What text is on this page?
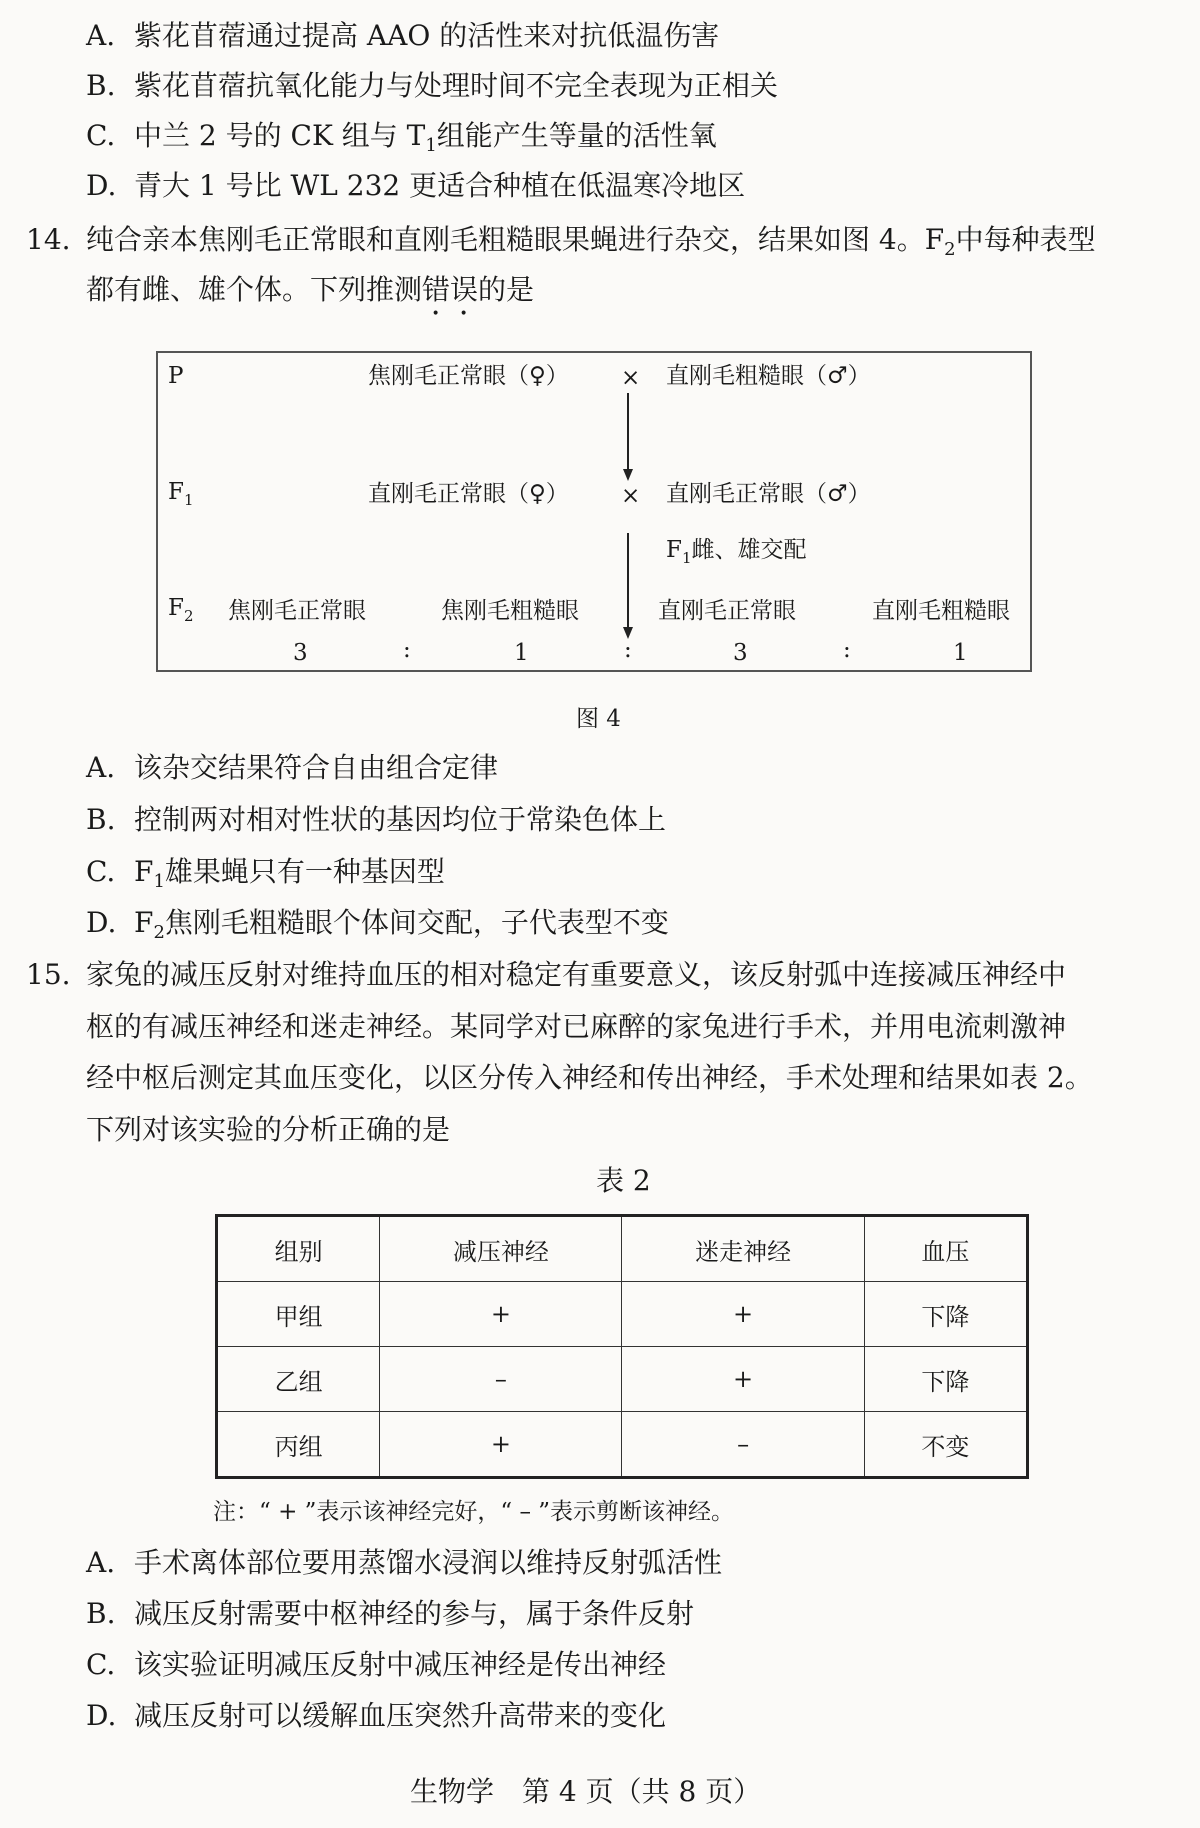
A. 紫花苜蓿通过提高 AAO 的活性来对抗低温伤害
B. 紫花苜蓿抗氧化能力与处理时间不完全表现为正相关
C. 中兰 2 号的 CK 组与 $T_1$组能产生等量的活性氧
D. 青大 1 号比 WL 232 更适合种植在低温寒冷地区
14. 纯合亲本焦刚毛正常眼和直刚毛粗糙眼果蝇进行杂交，结果如图 4。$F_2$中每种表型
都有雌、雄个体。下列推测错误的是
P	焦刚毛正常眼（♀） × 直刚毛粗糙眼（♂）
$F_1$	直刚毛正常眼（♀） × 直刚毛正常眼（♂）
$F_1$雌、雄交配
$F_2$ 焦刚毛正常眼	焦刚毛粗糙眼	直刚毛正常眼	直刚毛粗糙眼
3	:	1	:	3	:	1
图 4
A. 该杂交结果符合自由组合定律
B. 控制两对相对性状的基因均位于常染色体上
C. $F_1$雄果蝇只有一种基因型
D. $F_2$焦刚毛粗糙眼个体间交配，子代表型不变
15. 家兔的减压反射对维持血压的相对稳定有重要意义，该反射弧中连接减压神经中
枢的有减压神经和迷走神经。某同学对已麻醉的家兔进行手术，并用电流刺激神
经中枢后测定其血压变化，以区分传入神经和传出神经，手术处理和结果如表 2。
下列对该实验的分析正确的是
表 2
组别	减压神经	迷走神经	血压
甲组	+	+	下降
乙组	–	+	下降
丙组	+	–	不变
注：“ + ”表示该神经完好，“ – ”表示剪断该神经。
A. 手术离体部位要用蒸馏水浸润以维持反射弧活性
B. 减压反射需要中枢神经的参与，属于条件反射
C. 该实验证明减压反射中减压神经是传出神经
D. 减压反射可以缓解血压突然升高带来的变化
生物学　第 4 页（共 8 页）
